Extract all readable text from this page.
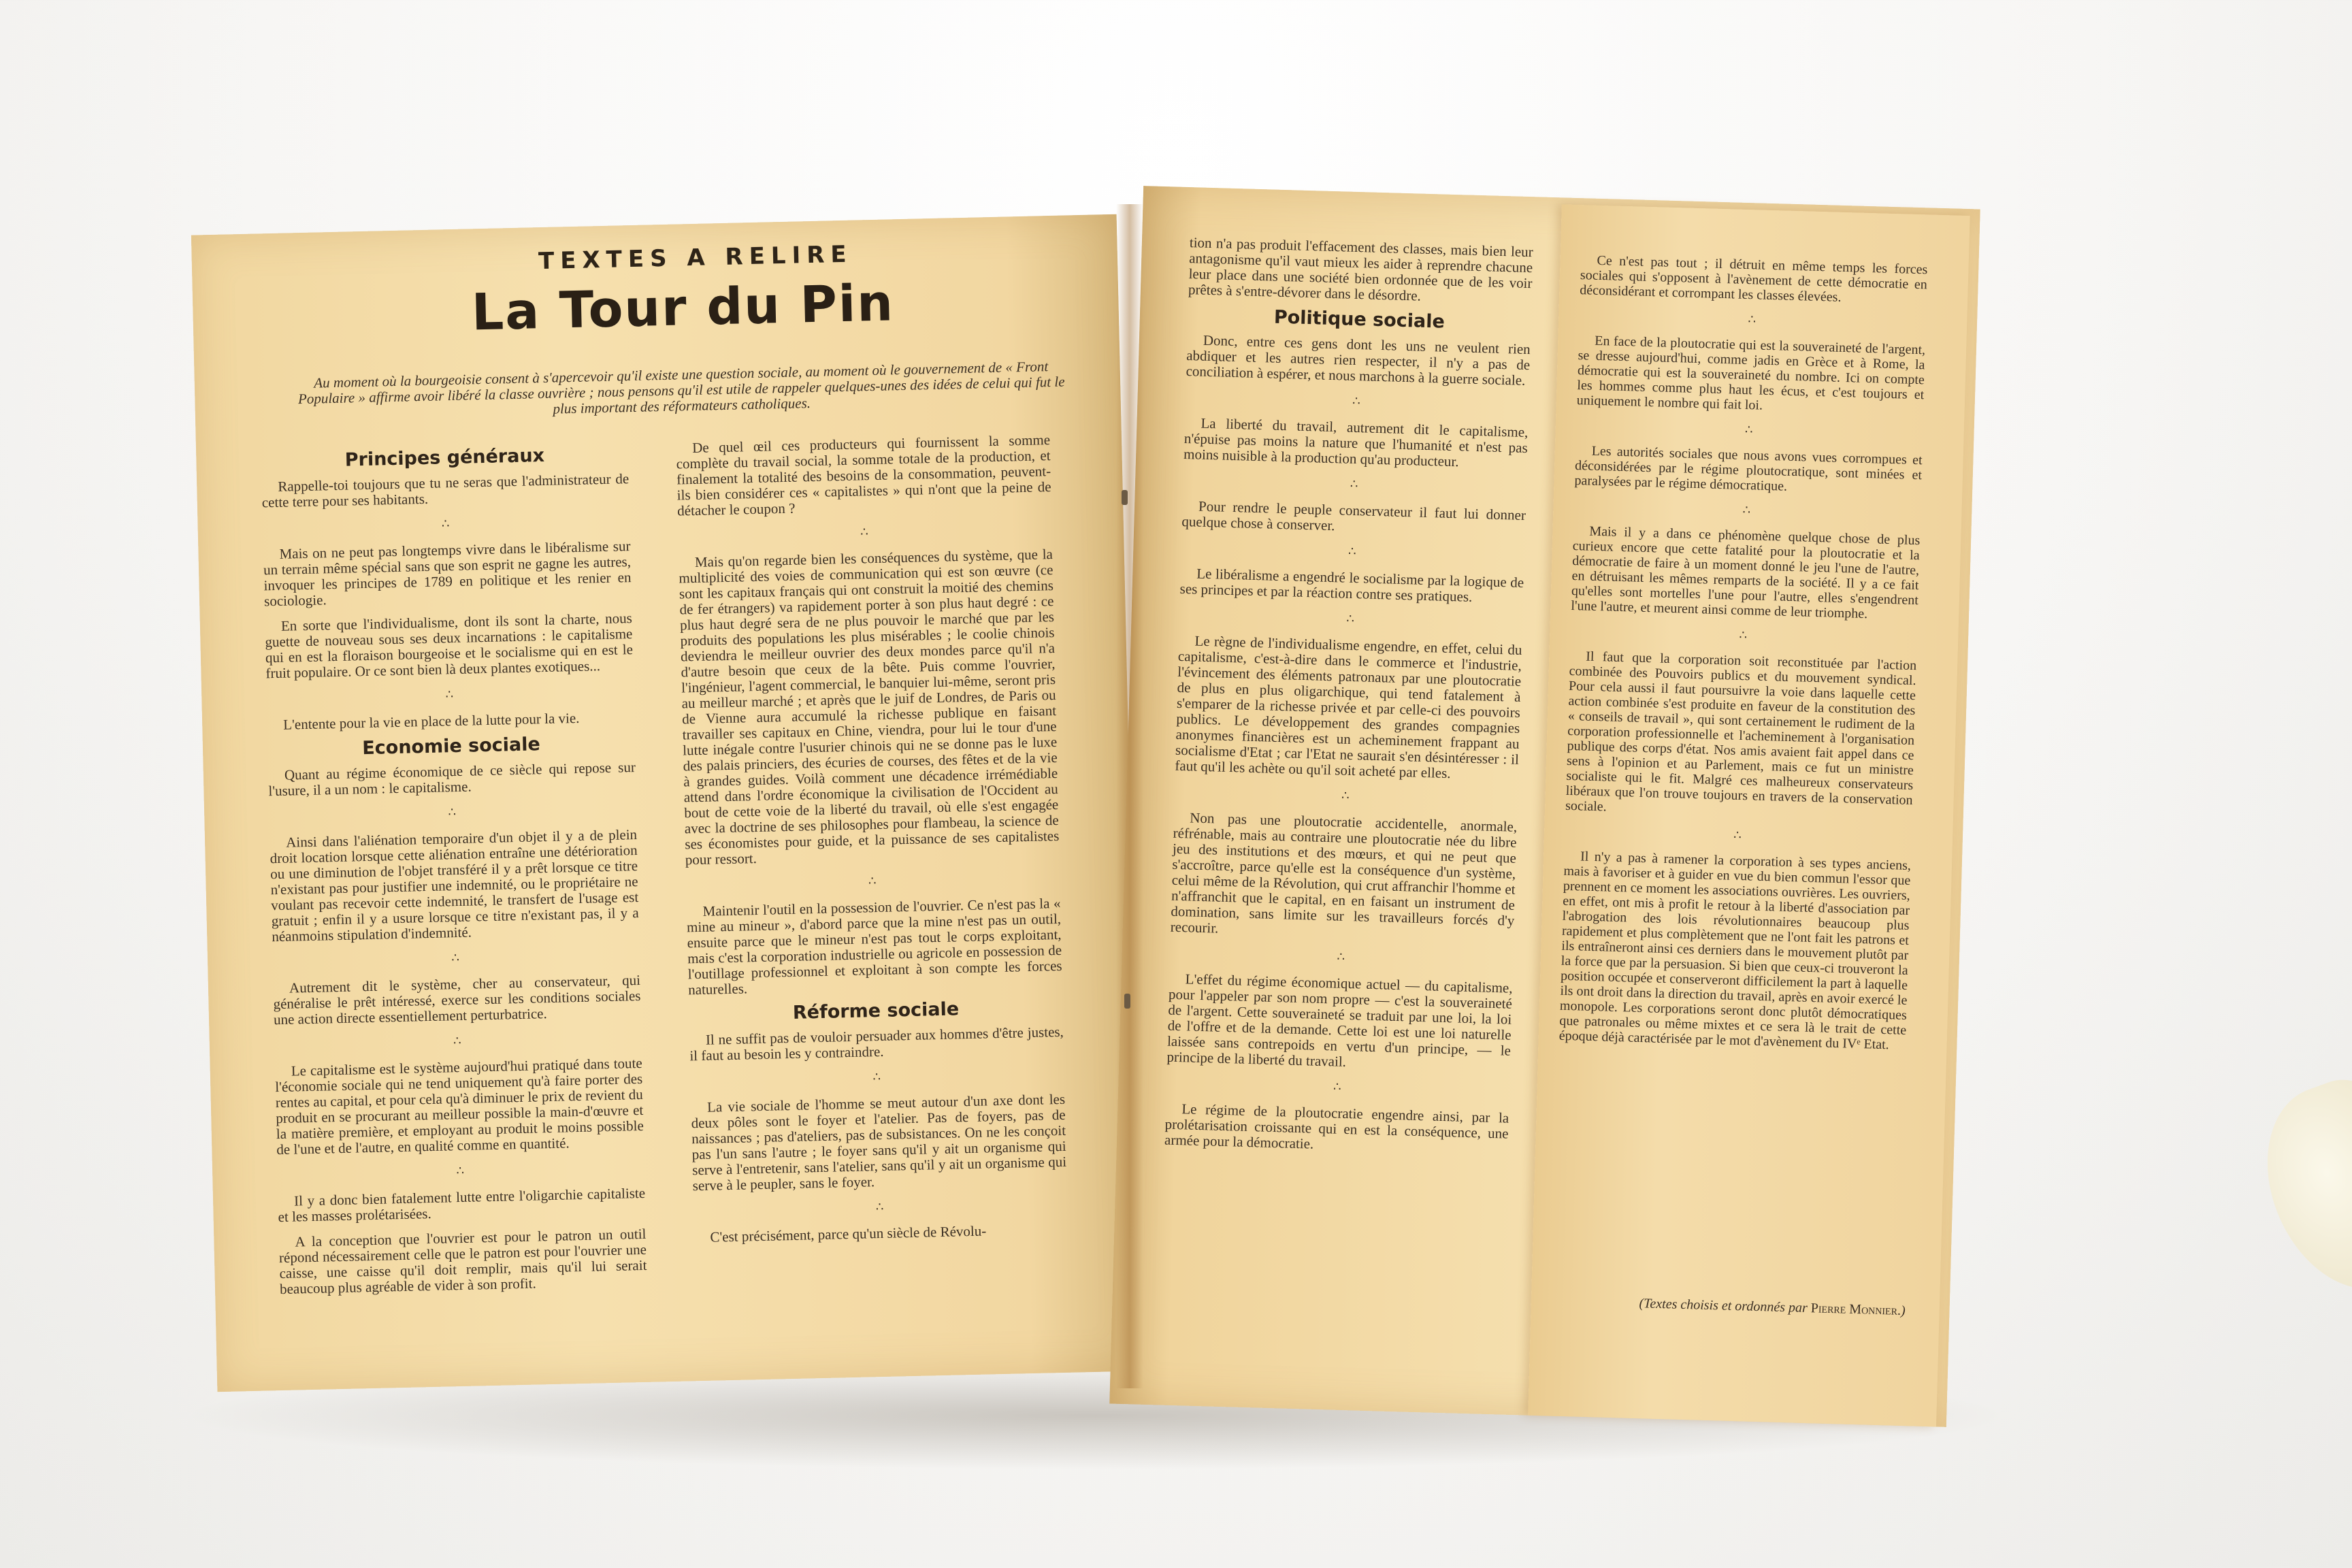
TEXTES A RELIRE
La Tour du Pin
Au moment où la bourgeoisie consent à s'apercevoir qu'il existe une question sociale, au moment où le gouvernement de « Front Populaire » affirme avoir libéré la classe ouvrière ; nous pensons qu'il est utile de rappeler quelques-unes des idées de celui qui fut le plus important des réformateurs catholiques.
Principes généraux

Rappelle-toi toujours que tu ne seras que l'administrateur de cette terre pour ses habitants.

∴

Mais on ne peut pas longtemps vivre dans le libéralisme sur un terrain même spécial sans que son esprit ne gagne les autres, invoquer les principes de 1789 en politique et les renier en sociologie.

En sorte que l'individualisme, dont ils sont la charte, nous guette de nouveau sous ses deux incarnations : le capitalisme qui en est la floraison bourgeoise et le socialisme qui en est le fruit populaire. Or ce sont bien là deux plantes exotiques...

∴

L'entente pour la vie en place de la lutte pour la vie.

Economie sociale

Quant au régime économique de ce siècle qui repose sur l'usure, il a un nom : le capitalisme.

∴

Ainsi dans l'aliénation temporaire d'un objet il y a de plein droit location lorsque cette aliénation entraîne une détérioration ou une diminution de l'objet transféré il y a prêt lorsque ce titre n'existant pas pour justifier une indemnité, ou le propriétaire ne voulant pas recevoir cette indemnité, le transfert de l'usage est gratuit ; enfin il y a usure lorsque ce titre n'existant pas, il y a néanmoins stipulation d'indemnité.

∴

Autrement dit le système, cher au conservateur, qui généralise le prêt intéressé, exerce sur les conditions sociales une action directe essentiellement perturbatrice.

∴

Le capitalisme est le système aujourd'hui pratiqué dans toute l'économie sociale qui ne tend uniquement qu'à faire porter des rentes au capital, et pour cela qu'à diminuer le prix de revient du produit en se procurant au meilleur possible la main-d'œuvre et la matière première, et employant au produit le moins possible de l'une et de l'autre, en qualité comme en quantité.

∴

Il y a donc bien fatalement lutte entre l'oligarchie capitaliste et les masses prolétarisées.

A la conception que l'ouvrier est pour le patron un outil répond nécessairement celle que le patron est pour l'ouvrier une caisse, une caisse qu'il doit remplir, mais qu'il lui serait beaucoup plus agréable de vider à son profit.

De quel œil ces producteurs qui fournissent la somme complète du travail social, la somme totale de la production, et finalement la totalité des besoins de la consommation, peuvent-ils bien considérer ces « capitalistes » qui n'ont que la peine de détacher le coupon ?

∴

Mais qu'on regarde bien les conséquences du système, que la multiplicité des voies de communication qui est son œuvre (ce sont les capitaux français qui ont construit la moitié des chemins de fer étrangers) va rapidement porter à son plus haut degré : ce plus haut degré sera de ne plus pouvoir le marché que par les produits des populations les plus misérables ; le coolie chinois deviendra le meilleur ouvrier des deux mondes parce qu'il n'a d'autre besoin que ceux de la bête. Puis comme l'ouvrier, l'ingénieur, l'agent commercial, le banquier lui-même, seront pris au meilleur marché ; et après que le juif de Londres, de Paris ou de Vienne aura accumulé la richesse publique en faisant travailler ses capitaux en Chine, viendra, pour lui le tour d'une lutte inégale contre l'usurier chinois qui ne se donne pas le luxe des palais princiers, des écuries de courses, des fêtes et de la vie à grandes guides. Voilà comment une décadence irrémédiable attend dans l'ordre économique la civilisation de l'Occident au bout de cette voie de la liberté du travail, où elle s'est engagée avec la doctrine de ses philosophes pour flambeau, la science de ses économistes pour guide, et la puissance de ses capitalistes pour ressort.

∴

Maintenir l'outil en la possession de l'ouvrier. Ce n'est pas la « mine au mineur », d'abord parce que la mine n'est pas un outil, ensuite parce que le mineur n'est pas tout le corps exploitant, mais c'est la corporation industrielle ou agricole en possession de l'outillage professionnel et exploitant à son compte les forces naturelles.

Réforme sociale

Il ne suffit pas de vouloir persuader aux hommes d'être justes, il faut au besoin les y contraindre.

∴

La vie sociale de l'homme se meut autour d'un axe dont les deux pôles sont le foyer et l'atelier. Pas de foyers, pas de naissances ; pas d'ateliers, pas de subsistances. On ne les conçoit pas l'un sans l'autre ; le foyer sans qu'il y ait un organisme qui serve à l'entretenir, sans l'atelier, sans qu'il y ait un organisme qui serve à le peupler, sans le foyer.

∴

C'est précisément, parce qu'un siècle de Révolu-

tion n'a pas produit l'effacement des classes, mais bien leur antagonisme qu'il vaut mieux les aider à reprendre chacune leur place dans une société bien ordonnée que de les voir prêtes à s'entre-dévorer dans le désordre.

Politique sociale

Donc, entre ces gens dont les uns ne veulent rien abdiquer et les autres rien respecter, il n'y a pas de conciliation à espérer, et nous marchons à la guerre sociale.

∴

La liberté du travail, autrement dit le capitalisme, n'épuise pas moins la nature que l'humanité et n'est pas moins nuisible à la production qu'au producteur.

∴

Pour rendre le peuple conservateur il faut lui donner quelque chose à conserver.

∴

Le libéralisme a engendré le socialisme par la logique de ses principes et par la réaction contre ses pratiques.

∴

Le règne de l'individualisme engendre, en effet, celui du capitalisme, c'est-à-dire dans le commerce et l'industrie, l'évincement des éléments patronaux par une ploutocratie de plus en plus oligarchique, qui tend fatalement à s'emparer de la richesse privée et par celle-ci des pouvoirs publics. Le développement des grandes compagnies anonymes financières est un acheminement frappant au socialisme d'Etat ; car l'Etat ne saurait s'en désintéresser : il faut qu'il les achète ou qu'il soit acheté par elles.

∴

Non pas une ploutocratie accidentelle, anormale, réfrénable, mais au contraire une ploutocratie née du libre jeu des institutions et des mœurs, et qui ne peut que s'accroître, parce qu'elle est la conséquence d'un système, celui même de la Révolution, qui crut affranchir l'homme et n'affranchit que le capital, en en faisant un instrument de domination, sans limite sur les travailleurs forcés d'y recourir.

∴

L'effet du régime économique actuel — du capitalisme, pour l'appeler par son nom propre — c'est la souveraineté de l'argent. Cette souveraineté se traduit par une loi, la loi de l'offre et de la demande. Cette loi est une loi naturelle laissée sans contrepoids en vertu d'un principe, — le principe de la liberté du travail.

∴

Le régime de la ploutocratie engendre ainsi, par la prolétarisation croissante qui en est la conséquence, une armée pour la démocratie.

Ce n'est pas tout ; il détruit en même temps les forces sociales qui s'opposent à l'avènement de cette démocratie en déconsidérant et corrompant les classes élevées.

∴

En face de la ploutocratie qui est la souveraineté de l'argent, se dresse aujourd'hui, comme jadis en Grèce et à Rome, la démocratie qui est la souveraineté du nombre. Ici on compte les hommes comme plus haut les écus, et c'est toujours et uniquement le nombre qui fait loi.

∴

Les autorités sociales que nous avons vues corrompues et déconsidérées par le régime ploutocratique, sont minées et paralysées par le régime démocratique.

∴

Mais il y a dans ce phénomène quelque chose de plus curieux encore que cette fatalité pour la ploutocratie et la démocratie de faire à un moment donné le jeu l'une de l'autre, en détruisant les mêmes remparts de la société. Il y a ce fait qu'elles sont mortelles l'une pour l'autre, elles s'engendrent l'une l'autre, et meurent ainsi comme de leur triomphe.

∴

Il faut que la corporation soit reconstituée par l'action combinée des Pouvoirs publics et du mouvement syndical. Pour cela aussi il faut poursuivre la voie dans laquelle cette action combinée s'est produite en faveur de la constitution des « conseils de travail », qui sont certainement le rudiment de la corporation professionnelle et l'acheminement à l'organisation publique des corps d'état. Nos amis avaient fait appel dans ce sens à l'opinion et au Parlement, mais ce fut un ministre socialiste qui le fit. Malgré ces malheureux conservateurs libéraux que l'on trouve toujours en travers de la conservation sociale.

∴

Il n'y a pas à ramener la corporation à ses types anciens, mais à favoriser et à guider en vue du bien commun l'essor que prennent en ce moment les associations ouvrières. Les ouvriers, en effet, ont mis à profit le retour à la liberté d'association par l'abrogation des lois révolutionnaires beaucoup plus rapidement et plus complètement que ne l'ont fait les patrons et ils entraîneront ainsi ces derniers dans le mouvement plutôt par la force que par la persuasion. Si bien que ceux-ci trouveront la position occupée et conserveront difficilement la part à laquelle ils ont droit dans la direction du travail, après en avoir exercé le monopole. Les corporations seront donc plutôt démocratiques que patronales ou même mixtes et ce sera là le trait de cette époque déjà caractérisée par le mot d'avènement du IVᵉ Etat.

(Textes choisis et ordonnés par Pierre Monnier.)
